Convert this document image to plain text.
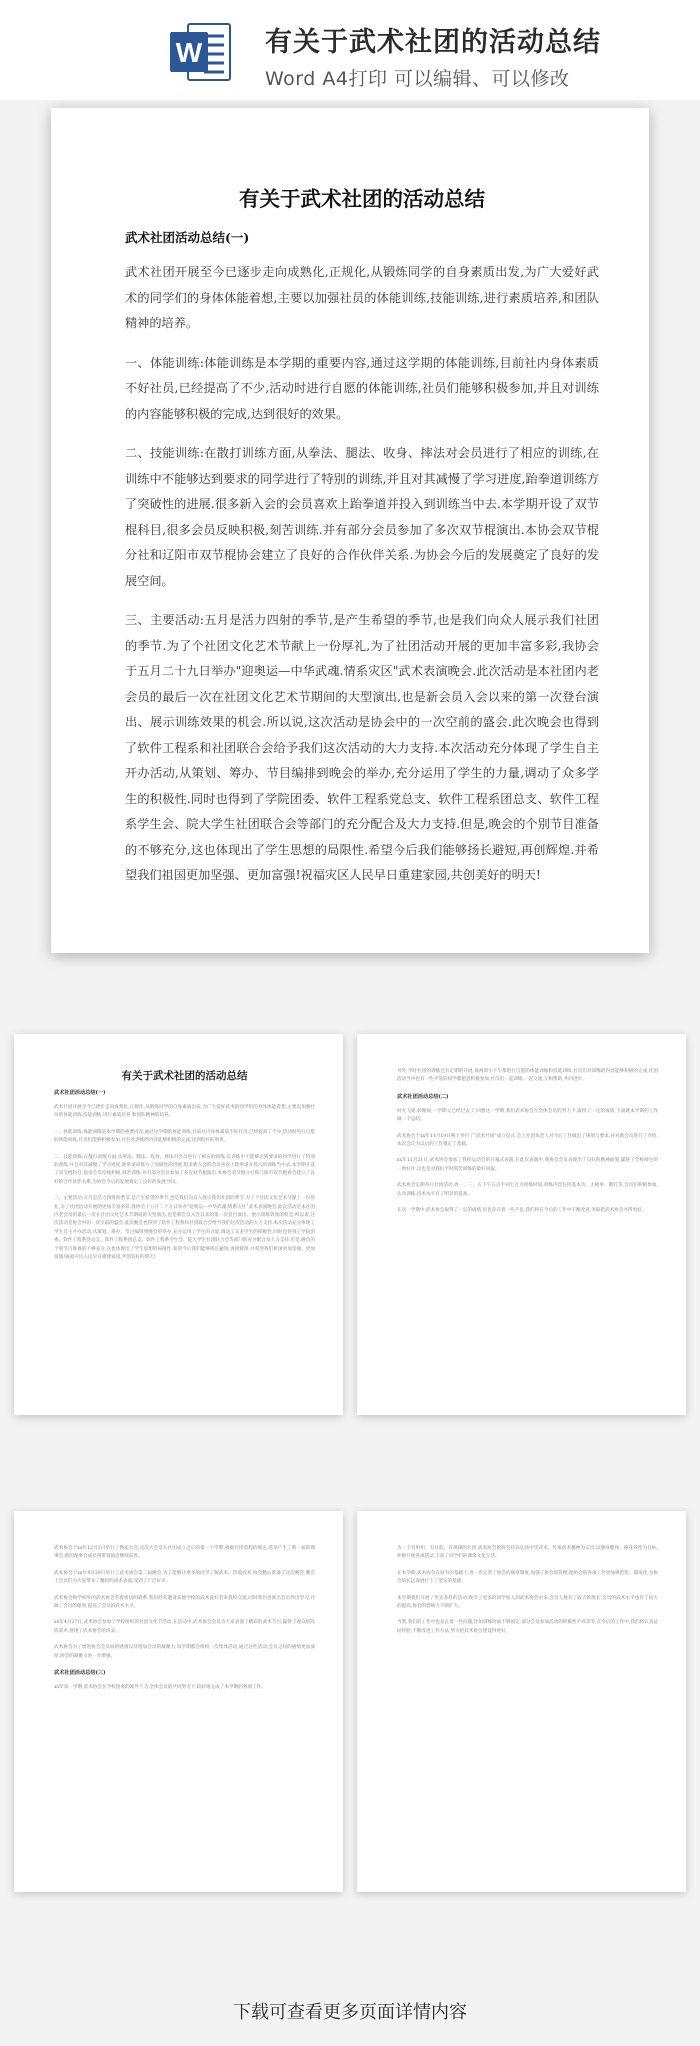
W 有关于武术社团的活动总结
Word A4打印 可以编辑、可以修改
有关于武术社团的活动总结
武术社团活动总结(一)

武术社团开展至今已逐步走向成熟化,正规化,从锻炼同学的自身素质出发,为广大爱好武术的同学们的身体体能着想,主要以加强社员的体能训练,技能训练,进行素质培养,和团队精神的培养。

一、体能训练:体能训练是本学期的重要内容,通过这学期的体能训练,目前社内身体素质不好社员,已经提高了不少,活动时进行自愿的体能训练,社员们能够积极参加,并且对训练的内容能够积极的完成,达到很好的效果。

二、技能训练:在散打训练方面,从拳法、腿法、收身、摔法对会员进行了相应的训练,在训练中不能够达到要求的同学进行了特别的训练,并且对其减慢了学习进度,跆拳道训练方了突破性的进展.很多新入会的会员喜欢上跆拳道并投入到训练当中去.本学期开设了双节棍科目,很多会员反映积极,刻苦训练.并有部分会员参加了多次双节棍演出.本协会双节棍分社和辽阳市双节棍协会建立了良好的合作伙伴关系.为协会今后的发展奠定了良好的发展空间。

三、主要活动:五月是活力四射的季节,是产生希望的季节,也是我们向众人展示我们社团的季节.为了个社团文化艺术节献上一份厚礼,为了社团活动开展的更加丰富多彩,我协会于五月二十九日举办"迎奥运—中华武魂.情系灾区"武术表演晚会.此次活动是本社团内老会员的最后一次在社团文化艺术节期间的大型演出,也是新会员入会以来的第一次登台演出、展示训练效果的机会.所以说,这次活动是协会中的一次空前的盛会.此次晚会也得到了软件工程系和社团联合会给予我们这次活动的大力支持.本次活动充分体现了学生自主开办活动,从策划、筹办、节目编排到晚会的举办,充分运用了学生的力量,调动了众多学生的积极性.同时也得到了学院团委、软件工程系党总支、软件工程系团总支、软件工程系学生会、院大学生社团联合会等部门的充分配合及大力支持.但是,晚会的个别节目准备的不够充分,这也体现出了学生思想的局限性.希望今后我们能够扬长避短,再创辉煌.并希望我们祖国更加坚强、更加富强!祝福灾区人民早日重建家园,共创美好的明天!

有关于武术社团的活动总结
武术社团活动总结(一)

武术社团开展至今已逐步走向成熟化,正规化,从锻炼同学的自身素质出发,为广大爱好武术的同学们的身体体能着想,主要以加强社员的体能训练,技能训练,进行素质培养,和团队精神的培养。

一、体能训练:体能训练是本学期的重要内容,通过这学期的体能训练,目前社内身体素质不好社员,已经提高了不少,活动时进行自愿的体能训练,社员们能够积极参加,并且对训练的内容能够积极的完成,达到很好的效果。

二、技能训练:在散打训练方面,从拳法、腿法、收身、摔法对会员进行了相应的训练,在训练中不能够达到要求的同学进行了特别的训练,并且对其减慢了学习进度,跆拳道训练方了突破性的进展.很多新入会的会员喜欢上跆拳道并投入到训练当中去.本学期开设了双节棍科目,很多会员反映积极,刻苦训练.并有部分会员参加了多次双节棍演出.本协会双节棍分社和辽阳市双节棍协会建立了良好的合作伙伴关系.为协会今后的发展奠定了良好的发展空间。

三、主要活动:五月是活力四射的季节,是产生希望的季节,也是我们向众人展示我们社团的季节.为了个社团文化艺术节献上一份厚礼,为了社团活动开展的更加丰富多彩,我协会于五月二十九日举办"迎奥运—中华武魂.情系灾区"武术表演晚会.此次活动是本社团内老会员的最后一次在社团文化艺术节期间的大型演出,也是新会员入会以来的第一次登台演出、展示训练效果的机会.所以说,这次活动是协会中的一次空前的盛会.此次晚会也得到了软件工程系和社团联合会给予我们这次活动的大力支持.本次活动充分体现了学生自主开办活动,从策划、筹办、节目编排到晚会的举办,充分运用了学生的力量,调动了众多学生的积极性.同时也得到了学院团委、软件工程系党总支、软件工程系团总支、软件工程系学生会、院大学生社团联合会等部门的充分配合及大力支持.但是,晚会的个别节目准备的不够充分,这也体现出了学生思想的局限性.希望今后我们能够扬长避短,再创辉煌.并希望我们祖国更加坚强、更加富强!祝福灾区人民早日重建家园,共创美好的明天!

另外,平时社团的训练还有定期的开展,每两周小下午都进行自愿的体能训练和技能训练,社员们对训练的内容能够积极的完成,社团活动当中也有一些平常的同学都愿意积极参加,社员们一起训练,一起交流,互相帮助,共同进步。

武术社团活动总结(二)

时光飞逝,转眼间,一学期又已经过去了,回想这一学期,我们武术协会在全体会员的努力下,取得了一定的成绩,下面就本学期的工作做一个总结。

武术协会于xx年11月19日晚上举行了"武术社团"成立仪式,会上社团负责人对今后工作做出了规划与要求,并对新会员进行了介绍,本次会议为以后的工作奠定了基础。

xx年11月21日,武术协会参加了我校运动会的开幕式表演,在此次表演中,我协会会员表现出了良好的精神面貌,赢得了全校师生的一致好评,这也是对我们平时刻苦训练的最好回报。

武术协会定期举行社团活动,周一、三、五下午五点半到七点为训练时间,训练内容包括基本功、太极拳、散打等,会员们积极参加,认真训练,技术水平有了明显的提高。

在这一学期中,武术协会取得了一定的成绩,但也存在着一些不足,我们将在今后的工作中不断改进,争取把武术协会办得更好。

武术协会于xx年12月3日举行了换届大会,这次大会是在社团成立之后的第一个学期,根据社团章程的规定,选举产生了新一届的理事会,新的理事会成员将带领协会继续前进。

武术协会于xx年4月29日举行了武术协会第二届晚会,为了能够让更多的同学了解武术、热爱武术,协会精心准备了这次晚会,晚会上会员们为大家带来了精彩的武术表演,受到了广泛好评。

武术协会和学校外的武术协会有着密切的联系,我们经常邀请其他学校的武术爱好者来我校交流,同时我们也派出会员外出学习,开阔了会员的眼界,提高了会员的武术水平。

xx年4月27日,武术协会参加了学校组织的社团文化节活动,在活动中,武术协会会员为大家表演了精彩的武术节目,赢得了观众的阵阵掌声,展现了武术协会的风采。

武术协会为了增进协会会员间的感情以及增加会员的凝聚力,每学期都会组织一次集体活动,通过这些活动,会员之间的感情更加深厚,协会的凝聚力进一步增强。

武术社团活动总结(三)

xx年第一学期,武术协会在学校团委的领导下,在全体会员的共同努力下,较好地完成了本学期的各项工作。

为一个有组织、有目的、有规律的社团,武术协会始终坚持以弘扬中华武术、传承武术精神为宗旨,以强身健体、修身养性为目标,积极开展各项活动,丰富了同学们的课余文化生活。

在本学期,武术协会在原有的基础上,进一步完善了协会的规章制度,加强了协会的管理,使协会的各项工作更加规范化、制度化,为协会的长远发展打下了坚实的基础。

本学期我们开展了形式多样的活动,吸引了更多的同学加入到武术协会中来,会员人数有了较大的增长,会员的武术水平也有了较大的提高,协会的影响力不断扩大。

当然,我们的工作中也存在着一些问题,比如训练时间不够固定,部分会员参加活动的积极性不高等等,在今后的工作中,我们将认真总结经验,不断改进工作方法,努力把武术协会建设得更好。

下载可查看更多页面详情内容
